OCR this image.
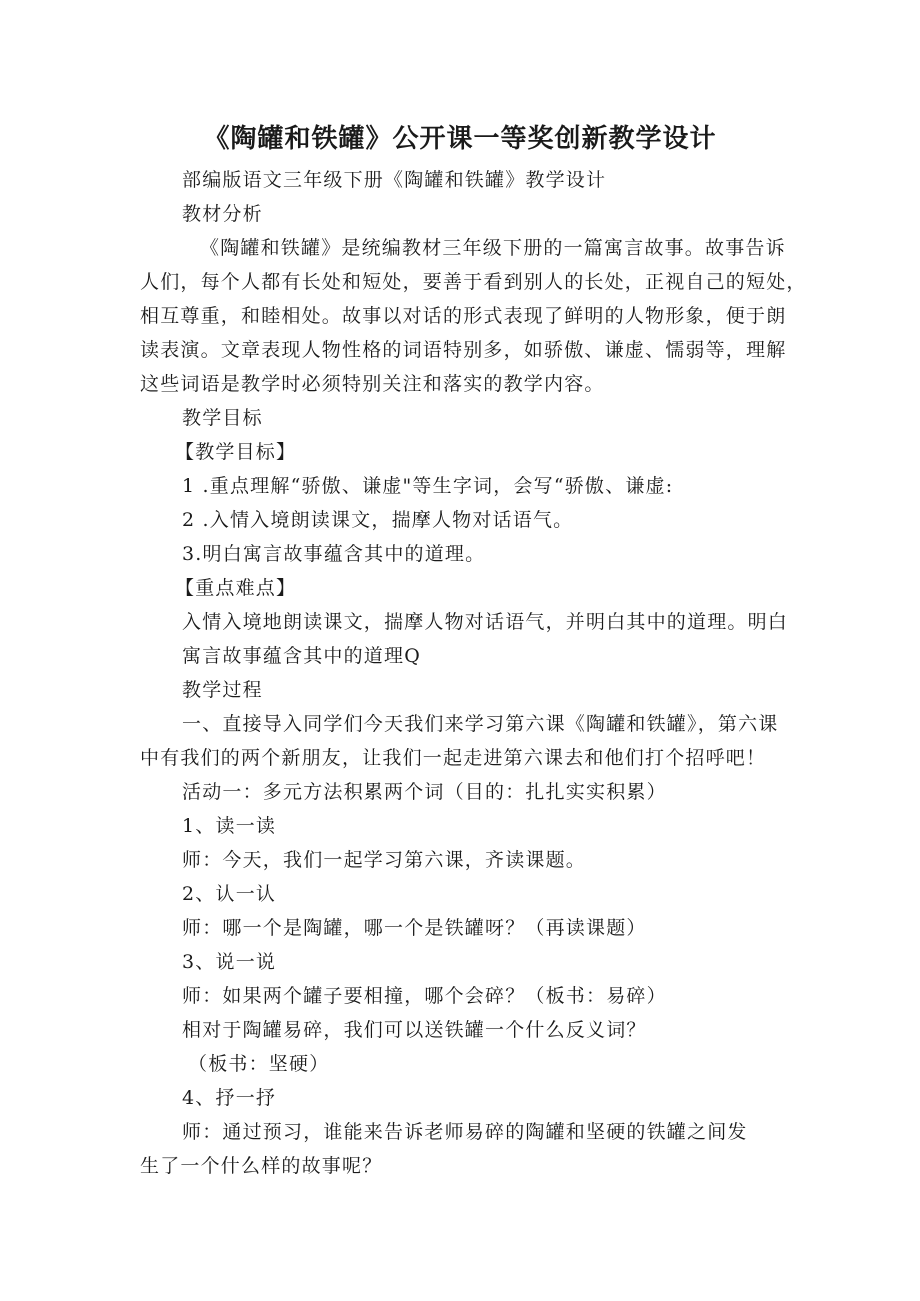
《陶罐和铁罐》公开课一等奖创新教学设计
部编版语文三年级下册《陶罐和铁罐》教学设计
教材分析
《陶罐和铁罐》是统编教材三年级下册的一篇寓言故事。故事告诉
人们，每个人都有长处和短处，要善于看到别人的长处，正视自己的短处，
相互尊重，和睦相处。故事以对话的形式表现了鲜明的人物形象，便于朗
读表演。文章表现人物性格的词语特别多，如骄傲、谦虚、懦弱等，理解
这些词语是教学时必须特别关注和落实的教学内容。
教学目标
【教学目标】
1 .重点理解“骄傲、谦虚"等生字词，会写“骄傲、谦虚:
2 .入情入境朗读课文，揣摩人物对话语气。
3.明白寓言故事蕴含其中的道理。
【重点难点】
入情入境地朗读课文，揣摩人物对话语气，并明白其中的道理。明白
寓言故事蕴含其中的道理Q
教学过程
一、直接导入同学们今天我们来学习第六课《陶罐和铁罐》，第六课
中有我们的两个新朋友，让我们一起走进第六课去和他们打个招呼吧！
活动一：多元方法积累两个词（目的：扎扎实实积累）
1、读一读
师：今天，我们一起学习第六课，齐读课题。
2、认一认
师：哪一个是陶罐，哪一个是铁罐呀？（再读课题）
3、说一说
师：如果两个罐子要相撞，哪个会碎？（板书：易碎）
相对于陶罐易碎，我们可以送铁罐一个什么反义词？
（板书：坚硬）
4、抒一抒
师：通过预习，谁能来告诉老师易碎的陶罐和坚硬的铁罐之间发
生了一个什么样的故事呢？
